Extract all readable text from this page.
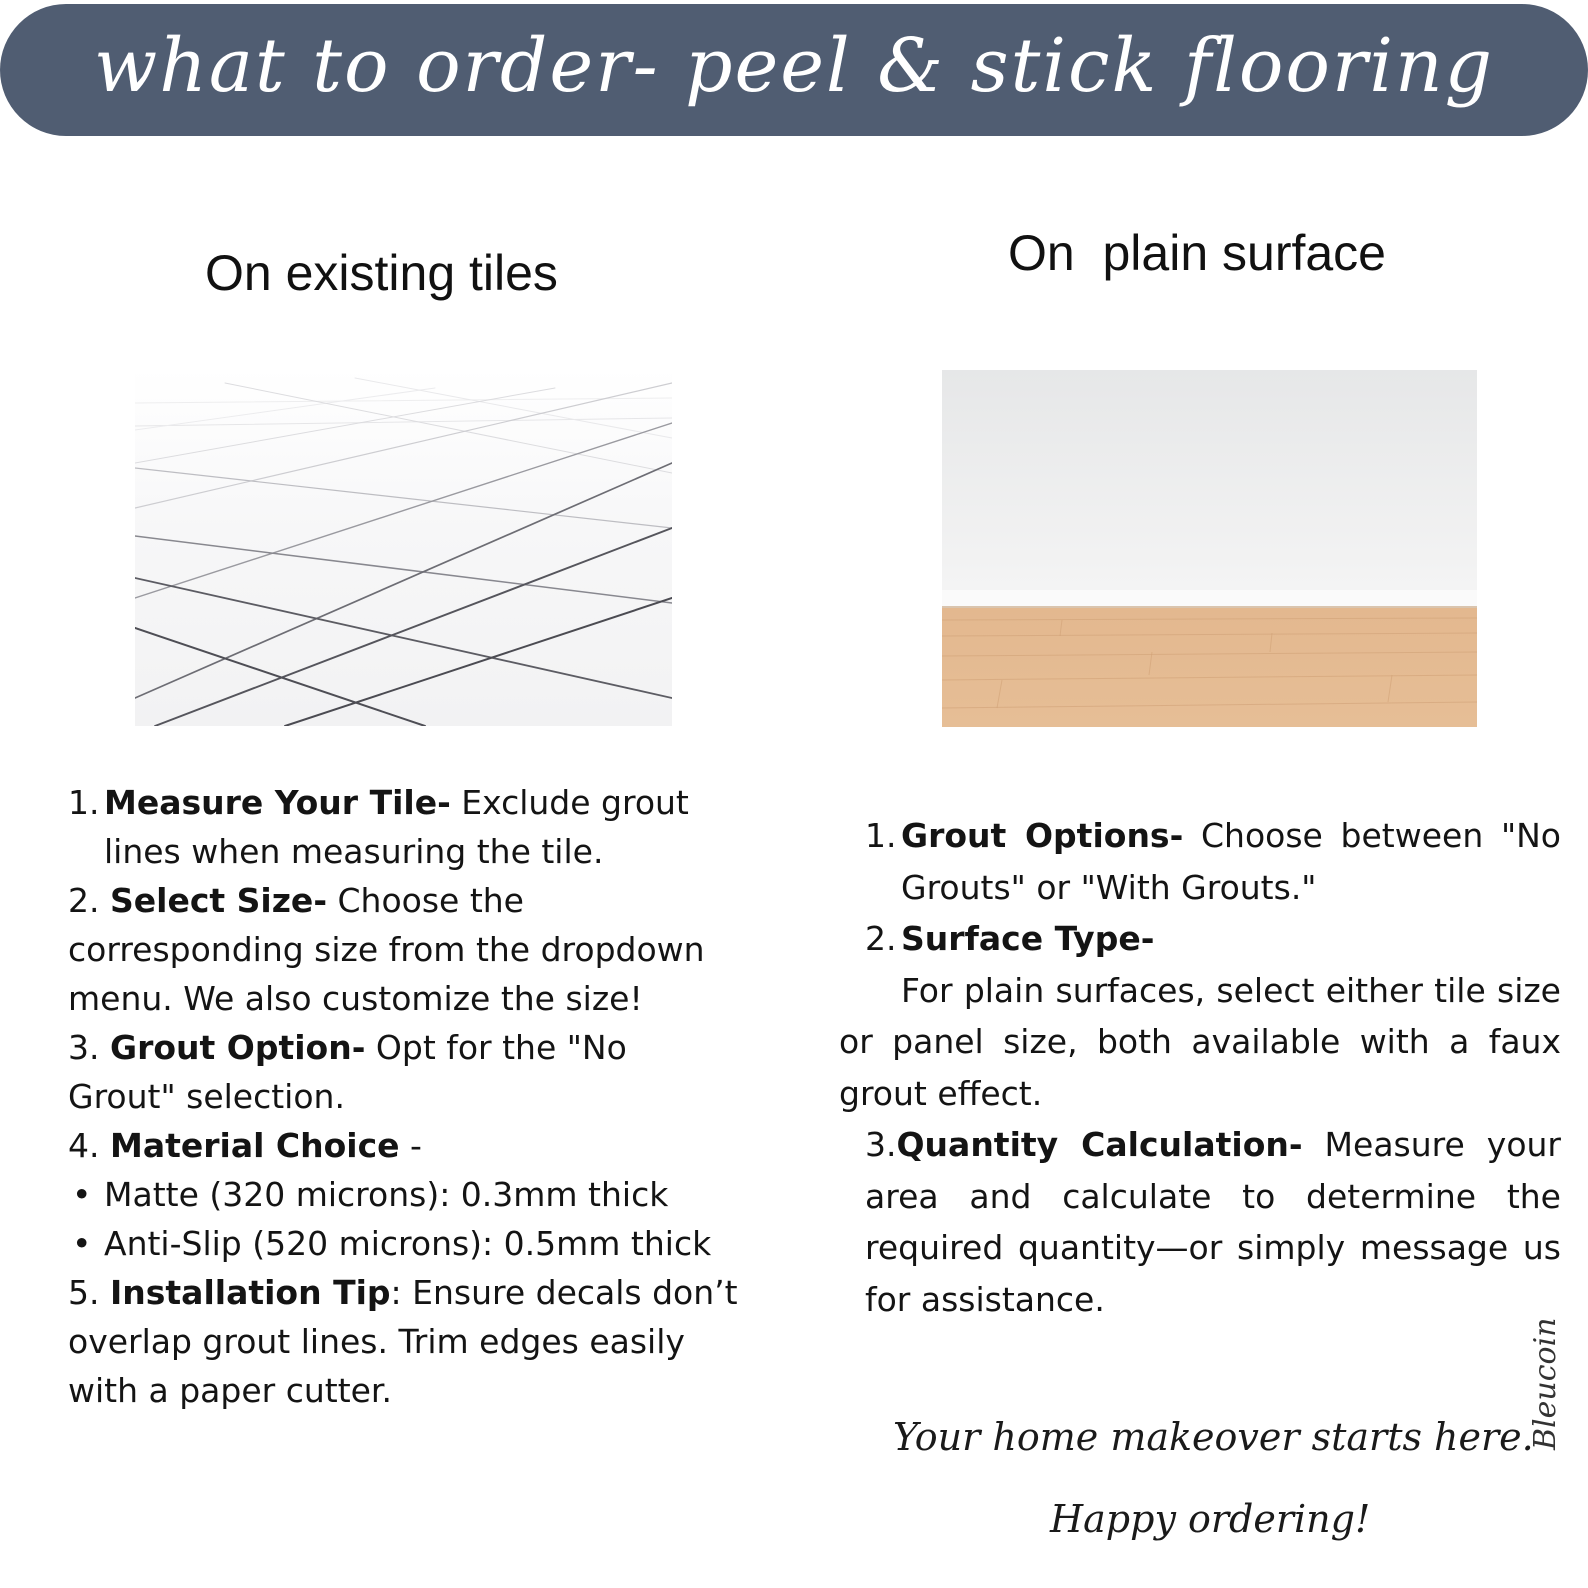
what to order- peel & stick flooring
On existing tiles	On  plain surface
1. Measure Your Tile- Exclude grout lines when measuring the tile.
2. Select Size- Choose the corresponding size from the dropdown menu. We also customize the size!
3. Grout Option- Opt for the "No Grout" selection.
4. Material Choice -
• Matte (320 microns): 0.3mm thick
• Anti-Slip (520 microns): 0.5mm thick
5. Installation Tip: Ensure decals don’t overlap grout lines. Trim edges easily with a paper cutter.
1. Grout Options- Choose between "No Grouts" or "With Grouts."
2. Surface Type-
For plain surfaces, select either tile size or panel size, both available with a faux grout effect.
3.Quantity Calculation- Measure your area and calculate to determine the required quantity—or simply message us for assistance.
Your home makeover starts here.
Happy ordering!
Bleucoin
